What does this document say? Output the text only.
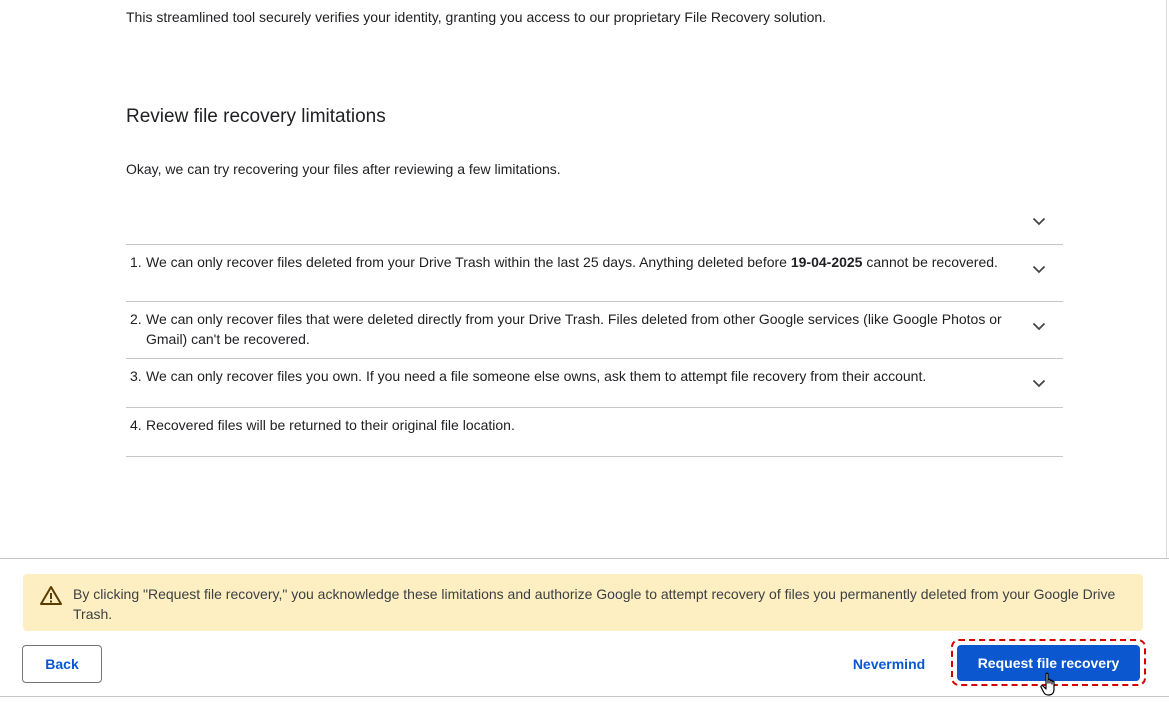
This streamlined tool securely verifies your identity, granting you access to our proprietary File Recovery solution.
Review file recovery limitations
Okay, we can try recovering your files after reviewing a few limitations.
1. We can only recover files deleted from your Drive Trash within the last 25 days. Anything deleted before 19-04-2025 cannot be recovered.
2. We can only recover files that were deleted directly from your Drive Trash. Files deleted from other Google services (like Google Photos or Gmail) can't be recovered.
3. We can only recover files you own. If you need a file someone else owns, ask them to attempt file recovery from their account.
4. Recovered files will be returned to their original file location.
By clicking "Request file recovery," you acknowledge these limitations and authorize Google to attempt recovery of files you permanently deleted from your Google Drive Trash.
Back	Nevermind	Request file recovery
